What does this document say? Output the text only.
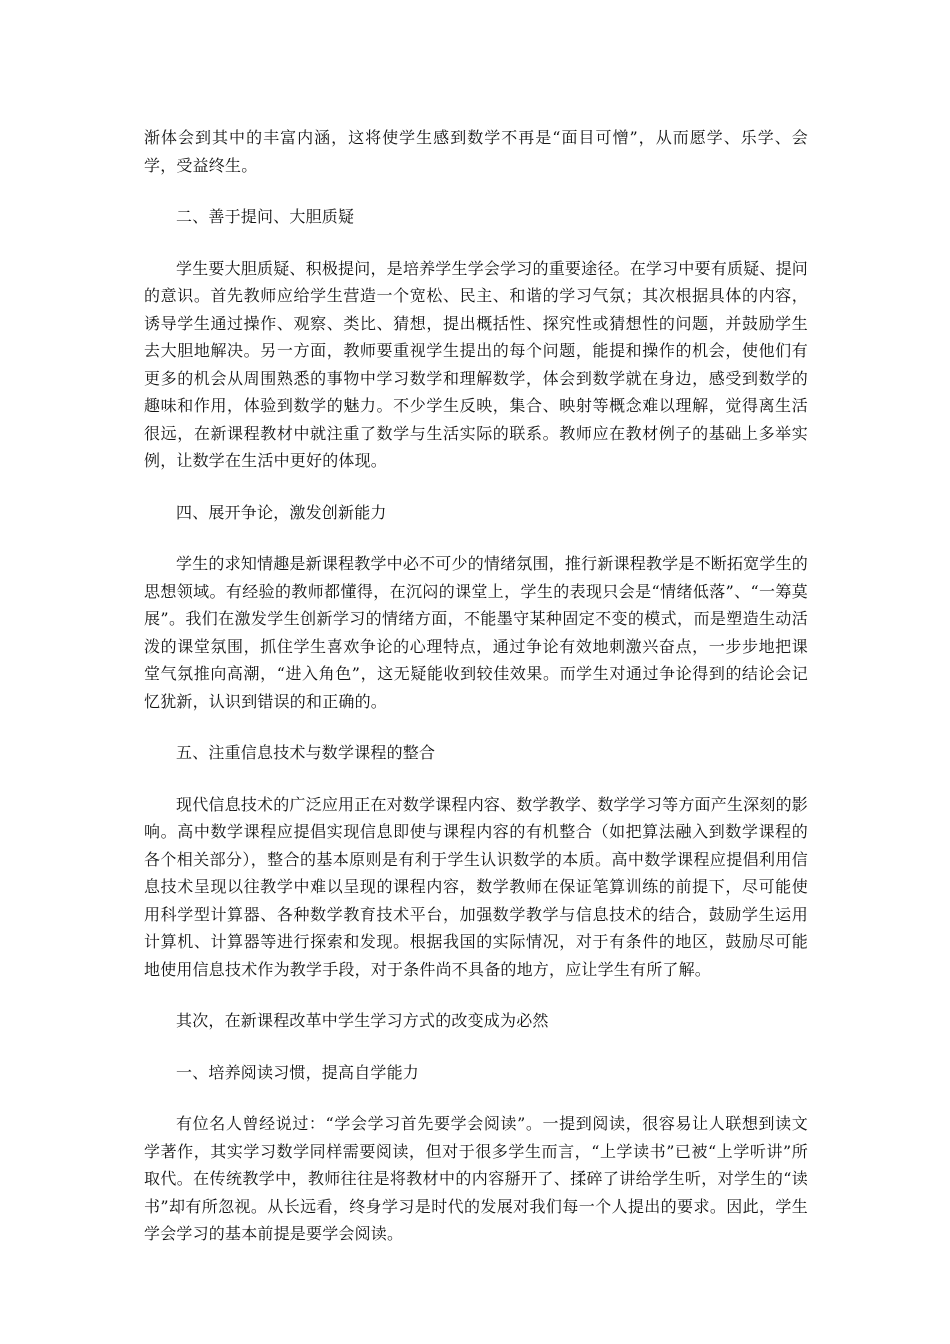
渐体会到其中的丰富内涵，这将使学生感到数学不再是“面目可憎”，从而愿学、乐学、会学，受益终生。

二、善于提问、大胆质疑

学生要大胆质疑、积极提问，是培养学生学会学习的重要途径。在学习中要有质疑、提问的意识。首先教师应给学生营造一个宽松、民主、和谐的学习气氛；其次根据具体的内容，诱导学生通过操作、观察、类比、猜想，提出概括性、探究性或猜想性的问题，并鼓励学生去大胆地解决。另一方面，教师要重视学生提出的每个问题，能提和操作的机会，使他们有更多的机会从周围熟悉的事物中学习数学和理解数学，体会到数学就在身边，感受到数学的趣味和作用，体验到数学的魅力。不少学生反映，集合、映射等概念难以理解，觉得离生活很远，在新课程教材中就注重了数学与生活实际的联系。教师应在教材例子的基础上多举实例，让数学在生活中更好的体现。

四、展开争论，激发创新能力

学生的求知情趣是新课程教学中必不可少的情绪氛围，推行新课程教学是不断拓宽学生的思想领域。有经验的教师都懂得，在沉闷的课堂上，学生的表现只会是“情绪低落”、“一筹莫展”。我们在激发学生创新学习的情绪方面，不能墨守某种固定不变的模式，而是塑造生动活泼的课堂氛围，抓住学生喜欢争论的心理特点，通过争论有效地刺激兴奋点，一步步地把课堂气氛推向高潮，“进入角色”，这无疑能收到较佳效果。而学生对通过争论得到的结论会记忆犹新，认识到错误的和正确的。

五、注重信息技术与数学课程的整合

现代信息技术的广泛应用正在对数学课程内容、数学教学、数学学习等方面产生深刻的影响。高中数学课程应提倡实现信息即使与课程内容的有机整合（如把算法融入到数学课程的各个相关部分），整合的基本原则是有利于学生认识数学的本质。高中数学课程应提倡利用信息技术呈现以往教学中难以呈现的课程内容，数学教师在保证笔算训练的前提下，尽可能使用科学型计算器、各种数学教育技术平台，加强数学教学与信息技术的结合，鼓励学生运用计算机、计算器等进行探索和发现。根据我国的实际情况，对于有条件的地区，鼓励尽可能地使用信息技术作为教学手段，对于条件尚不具备的地方，应让学生有所了解。

其次，在新课程改革中学生学习方式的改变成为必然

一、培养阅读习惯，提高自学能力

有位名人曾经说过：“学会学习首先要学会阅读”。一提到阅读，很容易让人联想到读文学著作，其实学习数学同样需要阅读，但对于很多学生而言，“上学读书”已被“上学听讲”所取代。在传统教学中，教师往往是将教材中的内容掰开了、揉碎了讲给学生听，对学生的“读书”却有所忽视。从长远看，终身学习是时代的发展对我们每一个人提出的要求。因此，学生学会学习的基本前提是要学会阅读。
